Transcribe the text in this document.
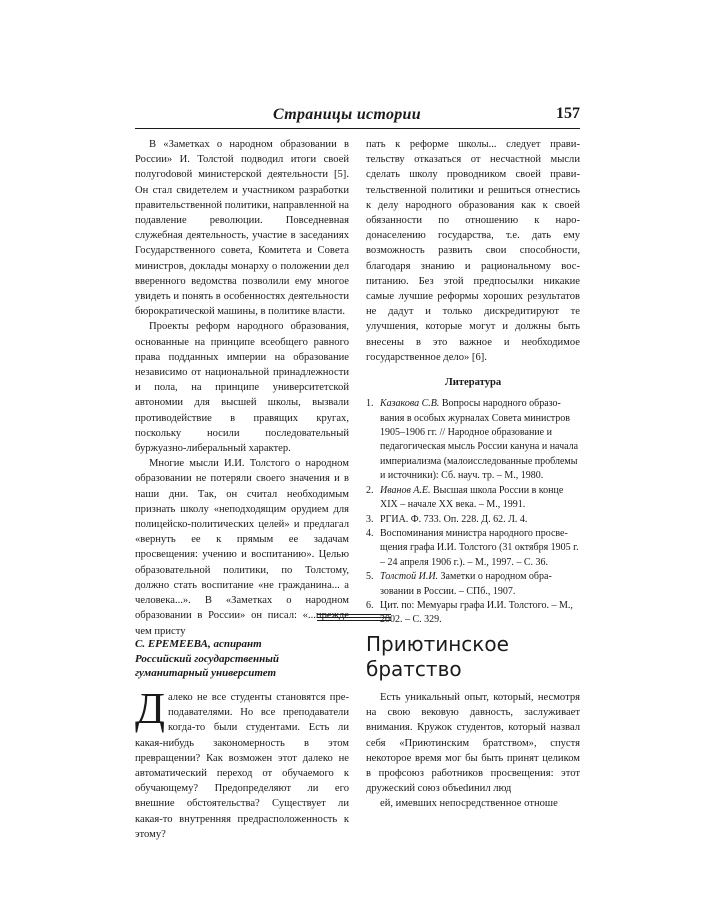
Страницы истории	157

В «Заметках о народном образовании в России» И. Толстой подводил итоги своей полугоdовой министерской деятельности [5]. Он стал свидетелем и участником разработки правительственной политики, направленной на подавление революции. Повседневная служебная деятельность, участие в заседаниях Государственного совета, Комитета и Совета министров, доклады монарху о положении дел вверенного ведомства позволили ему многое увидеть и понять в особенностях деятельности бюрократической машины, в политике власти.

Проекты реформ народного образования, основанные на принципе всеобщего равного права подданных империи на образование независимо от национальной принадлежности и пола, на принципе университетской автономии для высшей школы, вызвали противодействие в правящих кругах, поскольку носили последовательный буржуазно-либеральный характер.

Многие мысли И.И. Толстого о народном образовании не потеряли своего значения и в наши дни. Так, он считал необходимым признать школу «неподходящим орудием для полицейско-политических целей» и предлагал «вернуть ее к прямым ее задачам просвещения: учению и воспитанию». Целью образовательной политики, по Толстому, должно стать воспитание «не гражданина... а человека...». В «Заметках о народном образовании в России» он писал: «...прежде чем присту

пать к реформе школы... следует правительству отказаться от несчастной мысли сделать школу проводником своей правительственной политики и решиться отнестись к делу народного образования как к своей обязанности по отношению к народонаселению государства, т.е. дать ему возможность развить свои способности, благодаря знанию и рациональному воспитанию. Без этой предпосылки никакие самые лучшие реформы хороших результатов не дадут и только дискредитируют те улучшения, которые могут и должны быть внесены в это важное и необходимое государственное дело» [6].

Литература
1. Казакова С.В. Вопросы народного образования в особых журналах Совета министров 1905–1906 гг. // Народное образование и педагогическая мысль России кануна и начала империализма (малоисследованные проблемы и источники): Сб. науч. тр. – М., 1980.
2. Иванов А.Е. Высшая школа России в конце XIX – начале XX века. – М., 1991.
3. РГИА. Ф. 733. Оп. 228. Д. 62. Л. 4.
4. Воспоминания министра народного просвещения графа И.И. Толстого (31 октября 1905 г. – 24 апреля 1906 г.). – М., 1997. – С. 36.
5. Толстой И.И. Заметки о народном образовании в России. – СПб., 1907.
6. Цит. по: Мемуары графа И.И. Толстого. – М., 2002. – С. 329.
С. ЕРЕМЕЕВА, аспирант
Российский государственный
гуманитарный университет
Приютинское братство

Далеко не все студенты становятся преподавателями. Но все преподаватели когда-то были студентами. Есть ли какая-нибудь закономерность в этом превращении? Как возможен этот далеко не автоматический переход от обучаемого к обучающему? Предопределяют ли его внешние обстоятельства? Существует ли какая-то внутренняя предрасположенность к этому?

Есть уникальный опыт, который, несмотря на свою вековую давность, заслуживает внимания. Кружок студентов, который назвал себя «Приютинским братством», спустя некоторое время мог бы быть принят целиком в профсоюз работников просвещения: этот дружеский союз объеdинил люд

ей, имевших непосредственное отноше
